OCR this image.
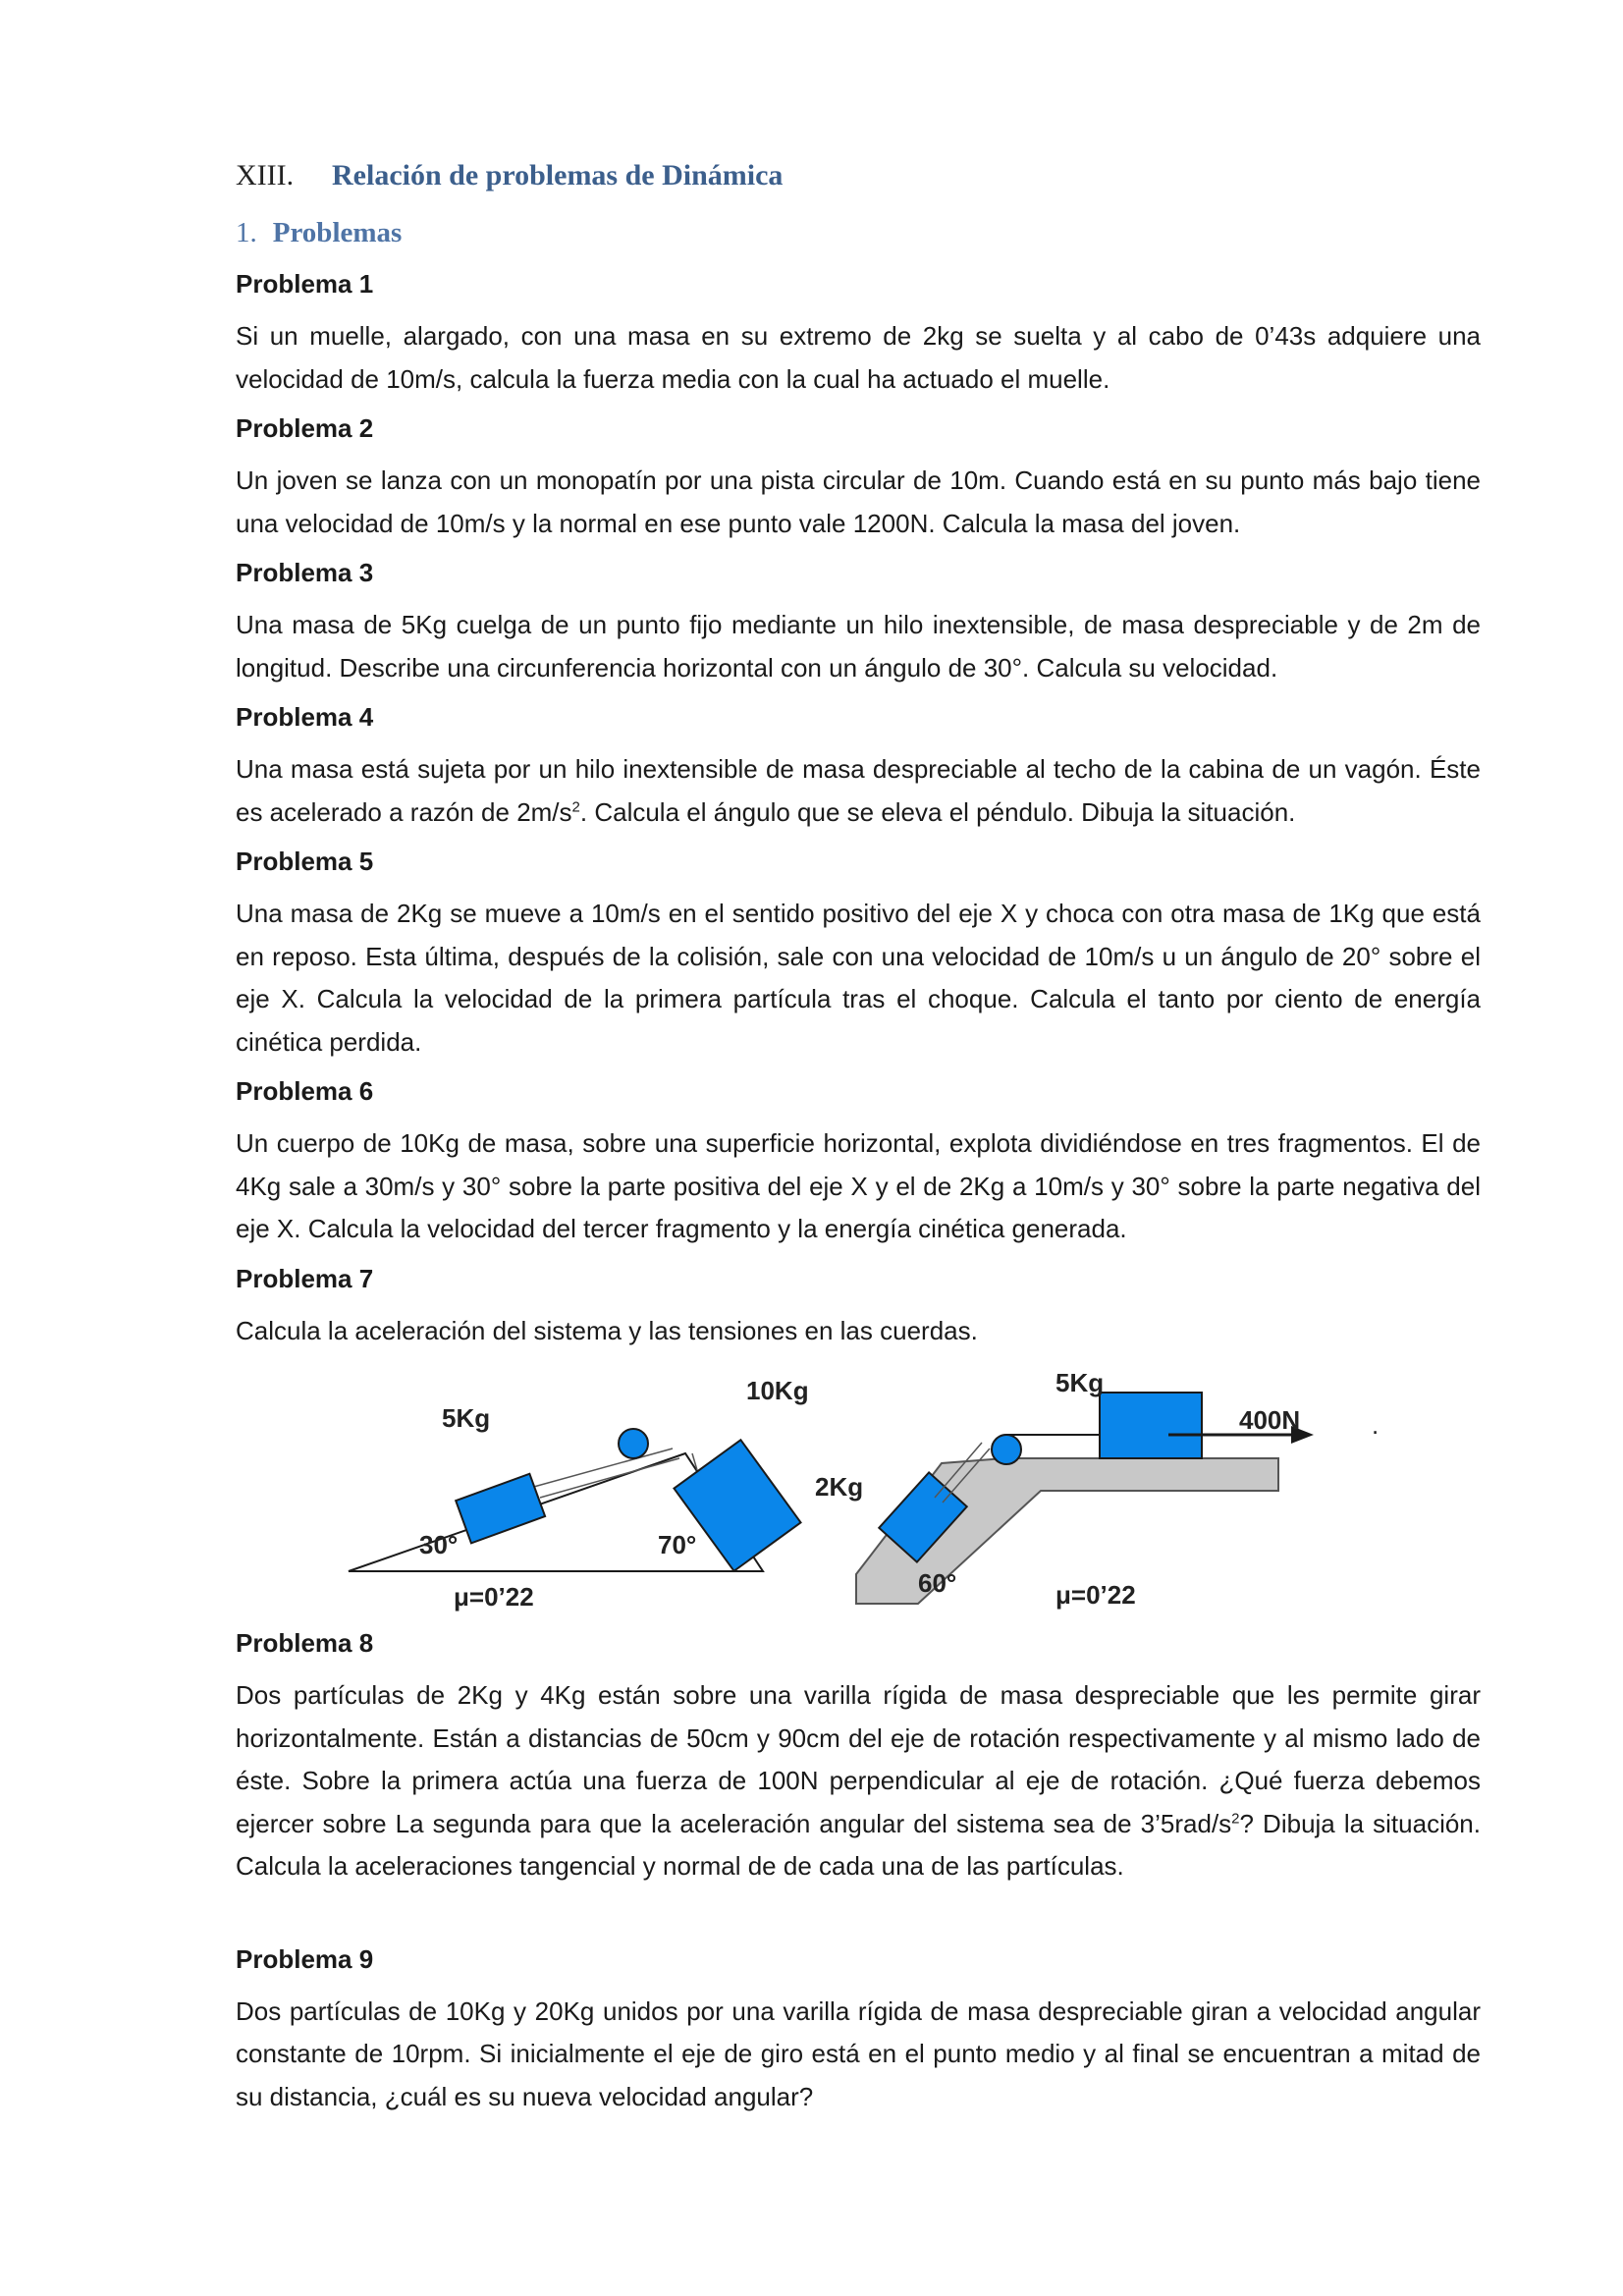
XIII. Relación de problemas de Dinámica
1. Problemas
Problema 1

Si un muelle, alargado, con una masa en su extremo de 2kg se suelta y al cabo de 0’43s adquiere una velocidad de 10m/s, calcula la fuerza media con la cual ha actuado el muelle.

Problema 2

Un joven se lanza con un monopatín por una pista circular de 10m. Cuando está en su punto más bajo tiene una velocidad de 10m/s y la normal en ese punto vale 1200N. Calcula la masa del joven.

Problema 3

Una masa de 5Kg cuelga de un punto fijo mediante un hilo inextensible, de masa despreciable y de 2m de longitud. Describe una circunferencia horizontal con un ángulo de 30°. Calcula su velocidad.

Problema 4

Una masa está sujeta por un hilo inextensible de masa despreciable al techo de la cabina de un vagón. Éste es acelerado a razón de $2m/s^2$. Calcula el ángulo que se eleva el péndulo. Dibuja la situación.

Problema 5

Una masa de 2Kg se mueve a 10m/s en el sentido positivo del eje X y choca con otra masa de 1Kg que está en reposo. Esta última, después de la colisión, sale con una velocidad de 10m/s u un ángulo de 20° sobre el eje X. Calcula la velocidad de la primera partícula tras el choque. Calcula el tanto por ciento de energía cinética perdida.

Problema 6

Un cuerpo de 10Kg de masa, sobre una superficie horizontal, explota dividiéndose en tres fragmentos. El de 4Kg sale a 30m/s y 30° sobre la parte positiva del eje X y el de 2Kg a 10m/s y 30° sobre la parte negativa del eje X. Calcula la velocidad del tercer fragmento y la energía cinética generada.

Problema 7

Calcula la aceleración del sistema y las tensiones en las cuerdas.

5Kg
10Kg
30°	70°
μ=0’22
5Kg
400N
2Kg
60°	μ=0’22
.
Problema 8

Dos partículas de 2Kg y 4Kg están sobre una varilla rígida de masa despreciable que les permite girar horizontalmente. Están a distancias de 50cm y 90cm del eje de rotación respectivamente y al mismo lado de éste. Sobre la primera actúa una fuerza de 100N perpendicular al eje de rotación. ¿Qué fuerza debemos ejercer sobre La segunda para que la aceleración angular del sistema sea de $3’5rad/s^2$? Dibuja la situación. Calcula la aceleraciones tangencial y normal de de cada una de las partículas.

Problema 9

Dos partículas de 10Kg y 20Kg unidos por una varilla rígida de masa despreciable giran a velocidad angular constante de 10rpm. Si inicialmente el eje de giro está en el punto medio y al final se encuentran a mitad de su distancia, ¿cuál es su nueva velocidad angular?
